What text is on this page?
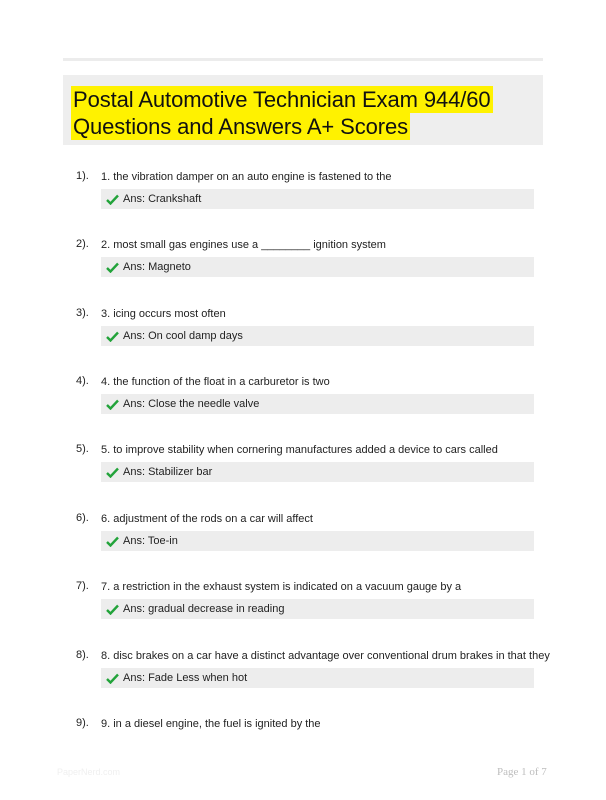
Postal Automotive Technician Exam 944/60
Questions and Answers A+ Scores
1). 1. the vibration damper on an auto engine is fastened to the
Ans: Crankshaft
2). 2. most small gas engines use a ________ ignition system
Ans: Magneto
3). 3. icing occurs most often
Ans: On cool damp days
4). 4. the function of the float in a carburetor is two
Ans: Close the needle valve
5). 5. to improve stability when cornering manufactures added a device to cars called
Ans: Stabilizer bar
6). 6. adjustment of the rods on a car will affect
Ans: Toe-in
7). 7. a restriction in the exhaust system is indicated on a vacuum gauge by a
Ans: gradual decrease in reading
8). 8. disc brakes on a car have a distinct advantage over conventional drum brakes in that they
Ans: Fade Less when hot
9). 9. in a diesel engine, the fuel is ignited by the
PaperNerd.com	Page 1 of 7
